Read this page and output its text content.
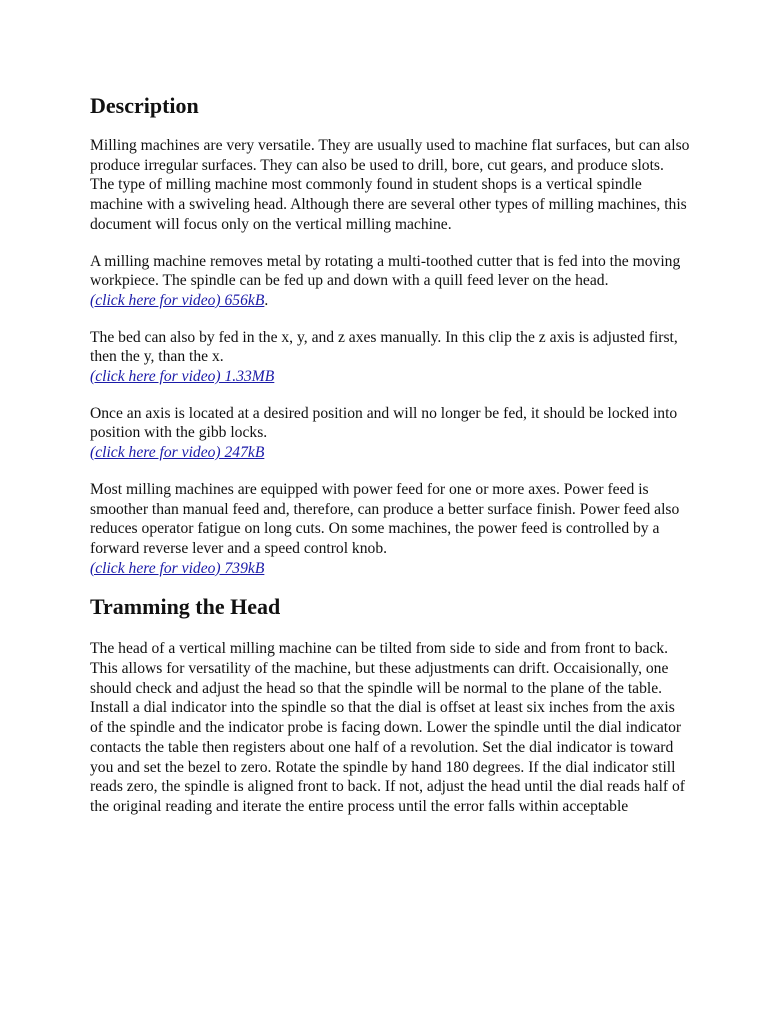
Description

Milling machines are very versatile. They are usually used to machine flat surfaces, but can also produce irregular surfaces. They can also be used to drill, bore, cut gears, and produce slots. The type of milling machine most commonly found in student shops is a vertical spindle machine with a swiveling head. Although there are several other types of milling machines, this document will focus only on the vertical milling machine.

A milling machine removes metal by rotating a multi-toothed cutter that is fed into the moving workpiece. The spindle can be fed up and down with a quill feed lever on the head.
(click here for video) 656kB.

The bed can also by fed in the x, y, and z axes manually. In this clip the z axis is adjusted first, then the y, than the x.
(click here for video) 1.33MB

Once an axis is located at a desired position and will no longer be fed, it should be locked into position with the gibb locks.
(click here for video) 247kB

Most milling machines are equipped with power feed for one or more axes. Power feed is smoother than manual feed and, therefore, can produce a better surface finish. Power feed also reduces operator fatigue on long cuts. On some machines, the power feed is controlled by a forward reverse lever and a speed control knob.
(click here for video) 739kB

Tramming the Head

The head of a vertical milling machine can be tilted from side to side and from front to back. This allows for versatility of the machine, but these adjustments can drift. Occaisionally, one should check and adjust the head so that the spindle will be normal to the plane of the table. Install a dial indicator into the spindle so that the dial is offset at least six inches from the axis of the spindle and the indicator probe is facing down. Lower the spindle until the dial indicator contacts the table then registers about one half of a revolution. Set the dial indicator is toward you and set the bezel to zero. Rotate the spindle by hand 180 degrees. If the dial indicator still reads zero, the spindle is aligned front to back. If not, adjust the head until the dial reads half of the original reading and iterate the entire process until the error falls within acceptable
